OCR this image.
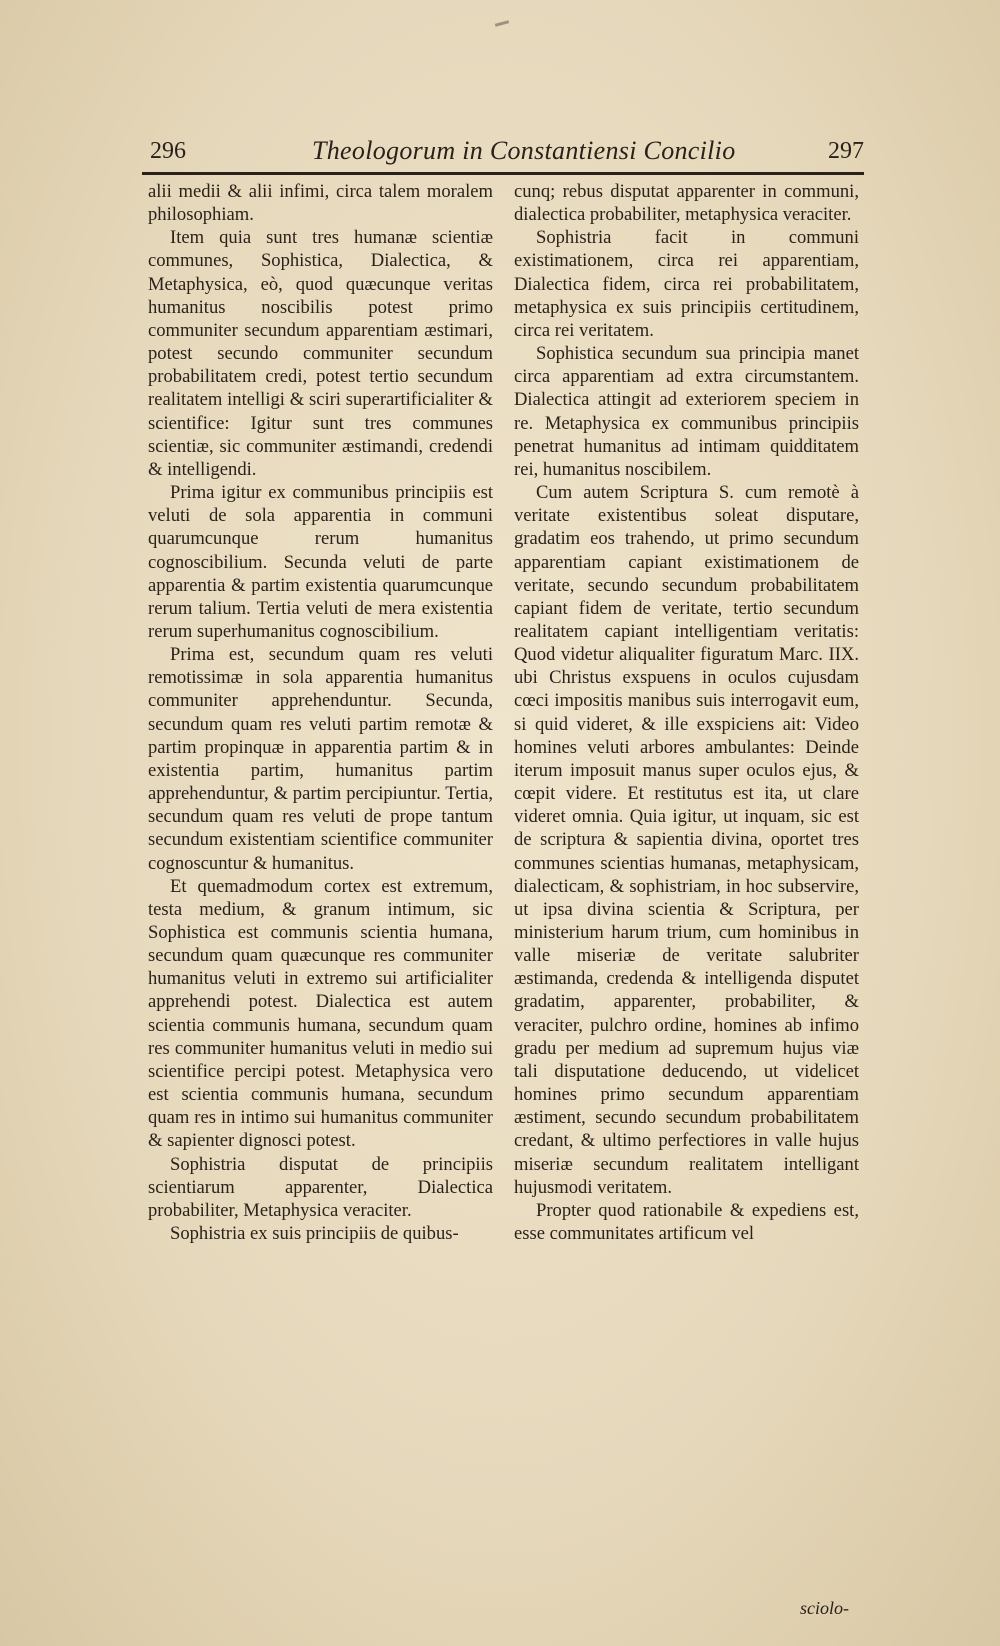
296	Theologorum in Constantiensi Concilio	297

alii medii & alii infimi, circa talem moralem philosophiam.

Item quia sunt tres humanæ scientiæ communes, Sophistica, Dialectica, & Metaphysica, eò, quod quæcunque veritas humanitus noscibilis potest primo communiter secundum apparentiam æstimari, potest secundo communiter secundum probabilitatem credi, potest tertio secundum realitatem intelligi & sciri superartificialiter & scientifice: Igitur sunt tres communes scientiæ, sic communiter æstimandi, credendi & intelligendi.

Prima igitur ex communibus principiis est veluti de sola apparentia in communi quarumcunque rerum humanitus cognoscibilium. Secunda veluti de parte apparentia & partim existentia quarumcunque rerum talium. Tertia veluti de mera existentia rerum superhumanitus cognoscibilium.

Prima est, secundum quam res veluti remotissimæ in sola apparentia humanitus communiter apprehenduntur. Secunda, secundum quam res veluti partim remotæ & partim propinquæ in apparentia partim & in existentia partim, humanitus partim apprehenduntur, & partim percipiuntur. Tertia, secundum quam res veluti de prope tantum secundum existentiam scientifice communiter cognoscuntur & humanitus.

Et quemadmodum cortex est extremum, testa medium, & granum intimum, sic Sophistica est communis scientia humana, secundum quam quæcunque res communiter humanitus veluti in extremo sui artificialiter apprehendi potest. Dialectica est autem scientia communis humana, secundum quam res communiter humanitus veluti in medio sui scientifice percipi potest. Metaphysica vero est scientia communis humana, secundum quam res in intimo sui humanitus communiter & sapienter dignosci potest.

Sophistria disputat de principiis scientiarum apparenter, Dialectica probabiliter, Metaphysica veraciter.

Sophistria ex suis principiis de quibus-

cunq; rebus disputat apparenter in communi, dialectica probabiliter, metaphysica veraciter.

Sophistria facit in communi existimationem, circa rei apparentiam, Dialectica fidem, circa rei probabilitatem, metaphysica ex suis principiis certitudinem, circa rei veritatem.

Sophistica secundum sua principia manet circa apparentiam ad extra circumstantem. Dialectica attingit ad exteriorem speciem in re. Metaphysica ex communibus principiis penetrat humanitus ad intimam quidditatem rei, humanitus noscibilem.

Cum autem Scriptura S. cum remotè à veritate existentibus soleat disputare, gradatim eos trahendo, ut primo secundum apparentiam capiant existimationem de veritate, secundo secundum probabilitatem capiant fidem de veritate, tertio secundum realitatem capiant intelligentiam veritatis: Quod videtur aliqualiter figuratum Marc. IIX. ubi Christus exspuens in oculos cujusdam cœci impositis manibus suis interrogavit eum, si quid videret, & ille exspiciens ait: Video homines veluti arbores ambulantes: Deinde iterum imposuit manus super oculos ejus, & cœpit videre. Et restitutus est ita, ut clare videret omnia. Quia igitur, ut inquam, sic est de scriptura & sapientia divina, oportet tres communes scientias humanas, metaphysicam, dialecticam, & sophistriam, in hoc subservire, ut ipsa divina scientia & Scriptura, per ministerium harum trium, cum hominibus in valle miseriæ de veritate salubriter æstimanda, credenda & intelligenda disputet gradatim, apparenter, probabiliter, & veraciter, pulchro ordine, homines ab infimo gradu per medium ad supremum hujus viæ tali disputatione deducendo, ut videlicet homines primo secundum apparentiam æstiment, secundo secundum probabilitatem credant, & ultimo perfectiores in valle hujus miseriæ secundum realitatem intelligant hujusmodi veritatem.

Propter quod rationabile & expediens est, esse communitates artificum vel

sciolo-
